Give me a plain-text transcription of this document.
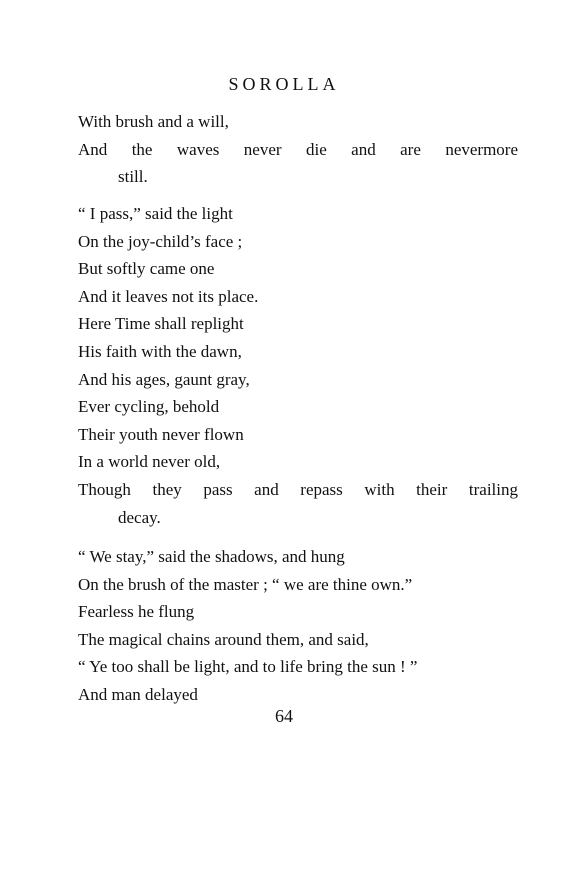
SOROLLA
With brush and a will,
And the waves never die and are nevermore
still.
“ I pass,” said the light
On the joy-child’s face ;
But softly came one
And it leaves not its place.
Here Time shall replight
His faith with the dawn,
And his ages, gaunt gray,
Ever cycling, behold
Their youth never flown
In a world never old,
Though they pass and repass with their trailing
decay.
“ We stay,” said the shadows, and hung
On the brush of the master ; “ we are thine own.”
Fearless he flung
The magical chains around them, and said,
“ Ye too shall be light, and to life bring the sun ! ”
And man delayed
64
